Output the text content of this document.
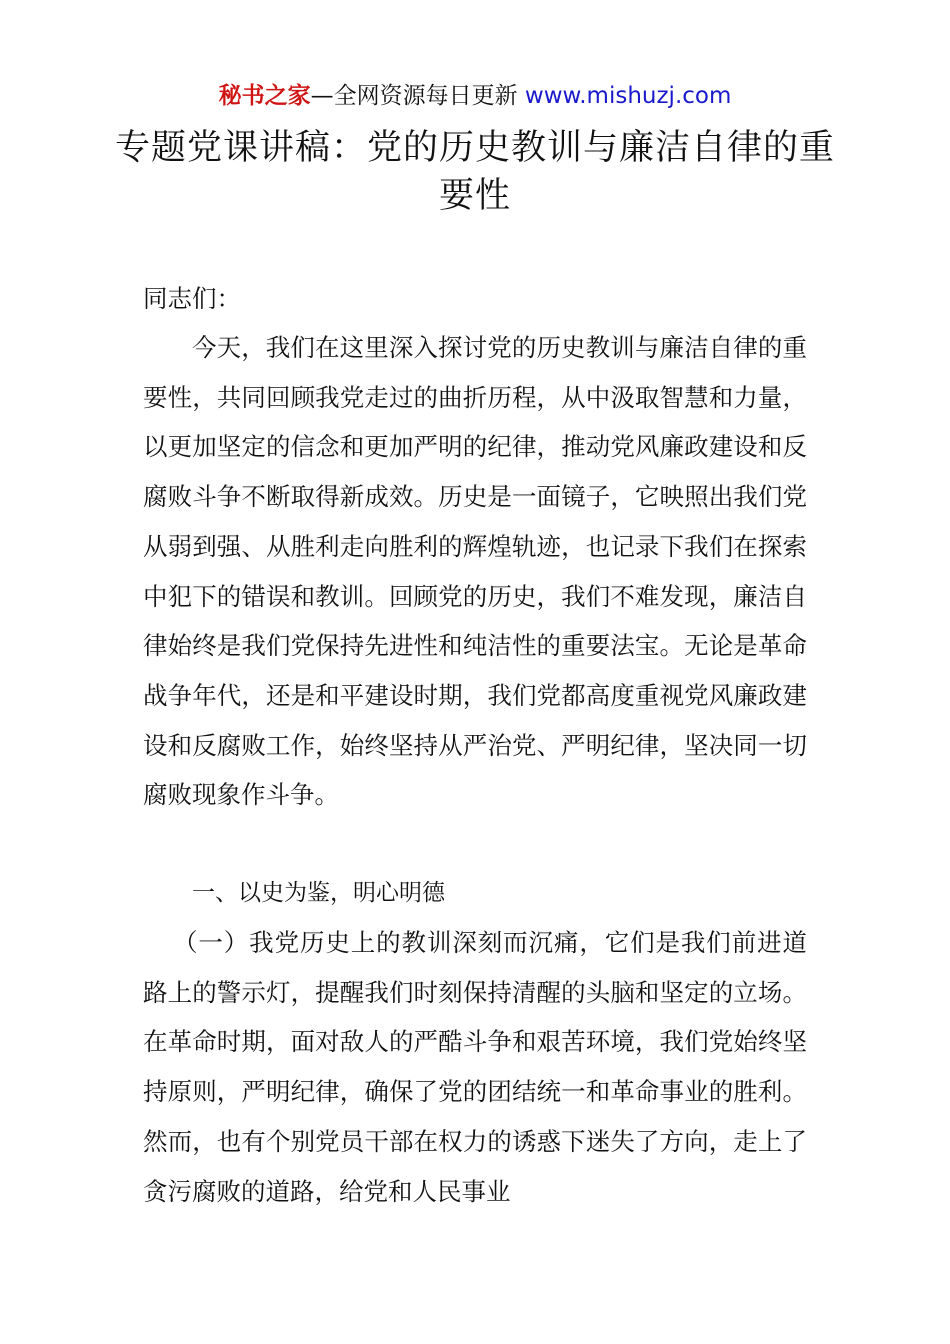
秘书之家—全网资源每日更新 www.mishuzj.com
专题党课讲稿：党的历史教训与廉洁自律的重要性

同志们：

今天，我们在这里深入探讨党的历史教训与廉洁自律的重要性，共同回顾我党走过的曲折历程，从中汲取智慧和力量，以更加坚定的信念和更加严明的纪律，推动党风廉政建设和反腐败斗争不断取得新成效。历史是一面镜子，它映照出我们党从弱到强、从胜利走向胜利的辉煌轨迹，也记录下我们在探索中犯下的错误和教训。回顾党的历史，我们不难发现，廉洁自律始终是我们党保持先进性和纯洁性的重要法宝。无论是革命战争年代，还是和平建设时期，我们党都高度重视党风廉政建设和反腐败工作，始终坚持从严治党、严明纪律，坚决同一切腐败现象作斗争。

一、以史为鉴，明心明德

（一）我党历史上的教训深刻而沉痛，它们是我们前进道路上的警示灯，提醒我们时刻保持清醒的头脑和坚定的立场。在革命时期，面对敌人的严酷斗争和艰苦环境，我们党始终坚持原则，严明纪律，确保了党的团结统一和革命事业的胜利。然而，也有个别党员干部在权力的诱惑下迷失了方向，走上了贪污腐败的道路，给党和人民事业
